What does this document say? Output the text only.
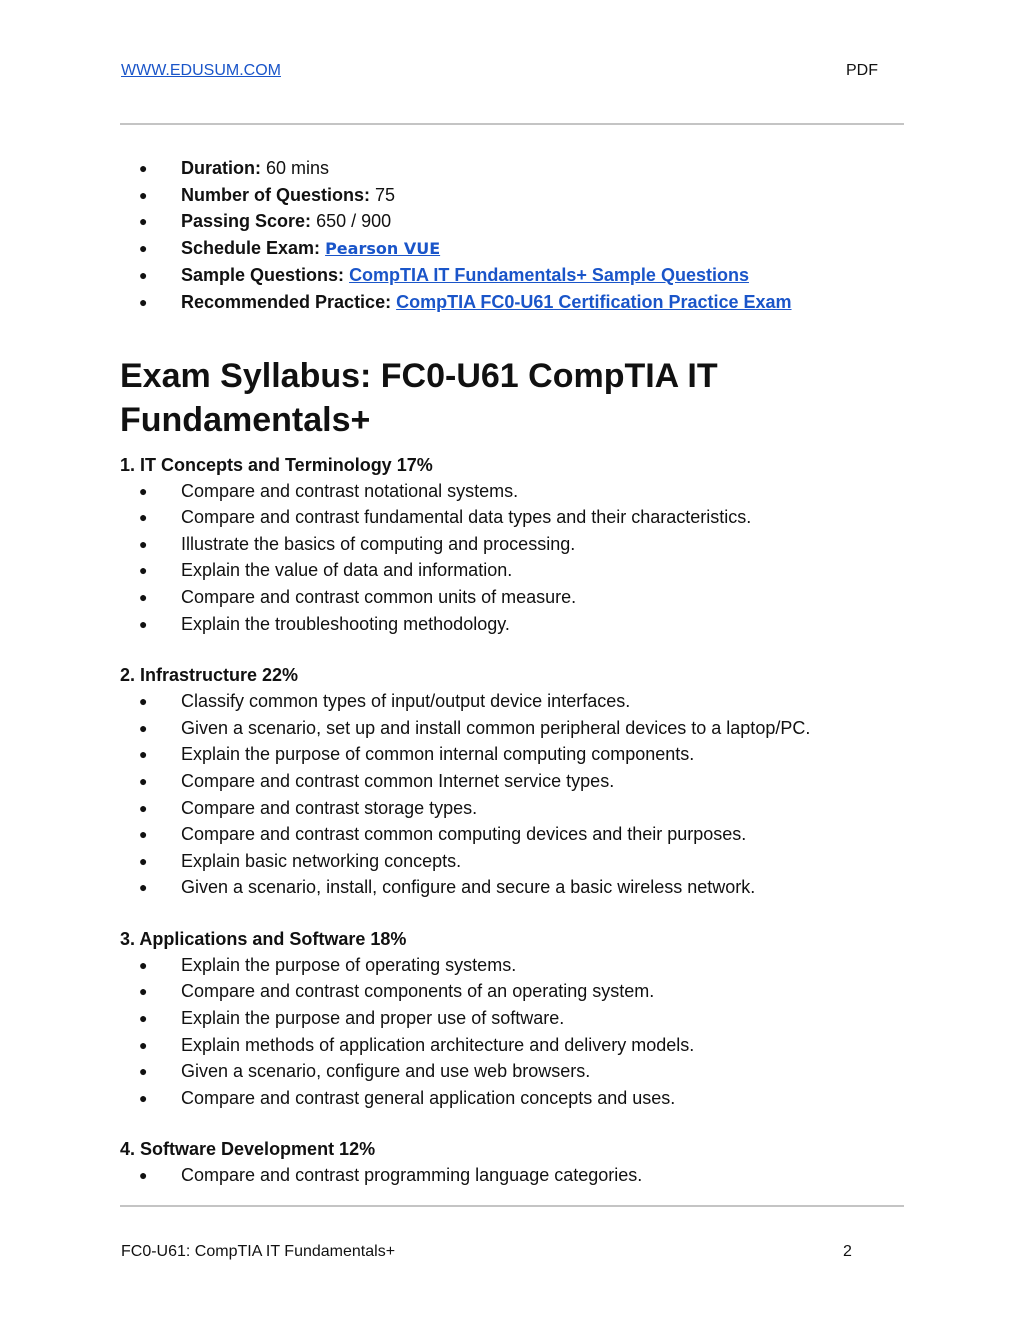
WWW.EDUSUM.COM	PDF
● Duration: 60 mins
● Number of Questions: 75
● Passing Score: 650 / 900
● Schedule Exam: Pearson VUE
● Sample Questions: CompTIA IT Fundamentals+ Sample Questions
● Recommended Practice: CompTIA FC0-U61 Certification Practice Exam
Exam Syllabus: FC0-U61 CompTIA IT Fundamentals+

1. IT Concepts and Terminology 17%

● Compare and contrast notational systems.
● Compare and contrast fundamental data types and their characteristics.
● Illustrate the basics of computing and processing.
● Explain the value of data and information.
● Compare and contrast common units of measure.
● Explain the troubleshooting methodology.

2. Infrastructure 22%

● Classify common types of input/output device interfaces.
● Given a scenario, set up and install common peripheral devices to a laptop/PC.
● Explain the purpose of common internal computing components.
● Compare and contrast common Internet service types.
● Compare and contrast storage types.
● Compare and contrast common computing devices and their purposes.
● Explain basic networking concepts.
● Given a scenario, install, configure and secure a basic wireless network.

3. Applications and Software 18%

● Explain the purpose of operating systems.
● Compare and contrast components of an operating system.
● Explain the purpose and proper use of software.
● Explain methods of application architecture and delivery models.
● Given a scenario, configure and use web browsers.
● Compare and contrast general application concepts and uses.

4. Software Development 12%

● Compare and contrast programming language categories.
FC0-U61: CompTIA IT Fundamentals+	2
